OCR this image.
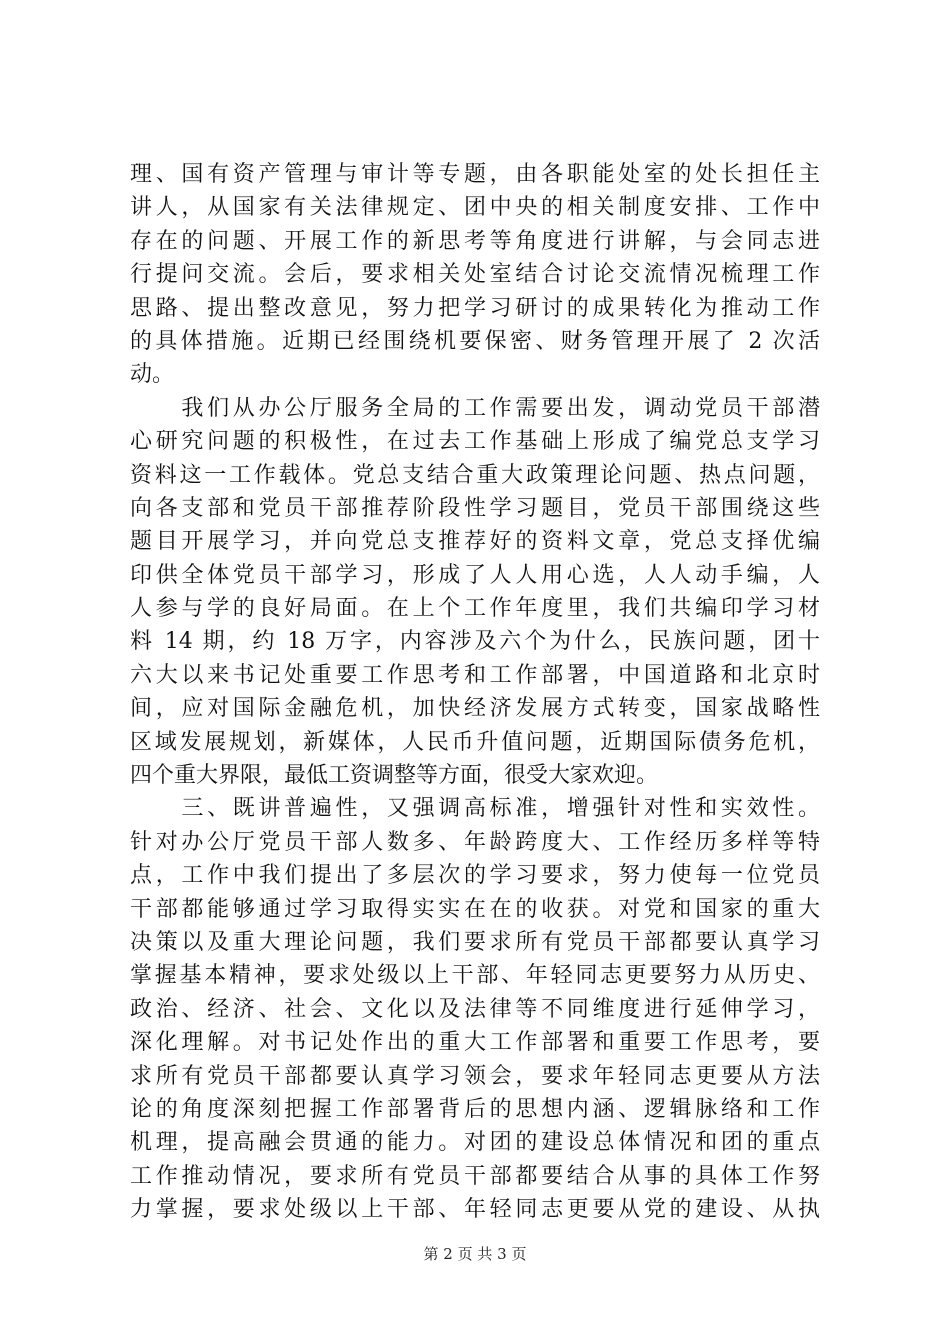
理、国有资产管理与审计等专题，由各职能处室的处长担任主
讲人，从国家有关法律规定、团中央的相关制度安排、工作中
存在的问题、开展工作的新思考等角度进行讲解，与会同志进
行提问交流。会后，要求相关处室结合讨论交流情况梳理工作
思路、提出整改意见，努力把学习研讨的成果转化为推动工作
的具体措施。近期已经围绕机要保密、财务管理开展了 2 次活
动。
　　我们从办公厅服务全局的工作需要出发，调动党员干部潜
心研究问题的积极性，在过去工作基础上形成了编党总支学习
资料这一工作载体。党总支结合重大政策理论问题、热点问题，
向各支部和党员干部推荐阶段性学习题目，党员干部围绕这些
题目开展学习，并向党总支推荐好的资料文章，党总支择优编
印供全体党员干部学习，形成了人人用心选，人人动手编，人
人参与学的良好局面。在上个工作年度里，我们共编印学习材
料 14 期，约 18 万字，内容涉及六个为什么，民族问题，团十
六大以来书记处重要工作思考和工作部署，中国道路和北京时
间，应对国际金融危机，加快经济发展方式转变，国家战略性
区域发展规划，新媒体，人民币升值问题，近期国际债务危机，
四个重大界限，最低工资调整等方面，很受大家欢迎。
　　三、既讲普遍性，又强调高标准，增强针对性和实效性。
针对办公厅党员干部人数多、年龄跨度大、工作经历多样等特
点，工作中我们提出了多层次的学习要求，努力使每一位党员
干部都能够通过学习取得实实在在的收获。对党和国家的重大
决策以及重大理论问题，我们要求所有党员干部都要认真学习
掌握基本精神，要求处级以上干部、年轻同志更要努力从历史、
政治、经济、社会、文化以及法律等不同维度进行延伸学习，
深化理解。对书记处作出的重大工作部署和重要工作思考，要
求所有党员干部都要认真学习领会，要求年轻同志更要从方法
论的角度深刻把握工作部署背后的思想内涵、逻辑脉络和工作
机理，提高融会贯通的能力。对团的建设总体情况和团的重点
工作推动情况，要求所有党员干部都要结合从事的具体工作努
力掌握，要求处级以上干部、年轻同志更要从党的建设、从执
第 2 页 共 3 页
